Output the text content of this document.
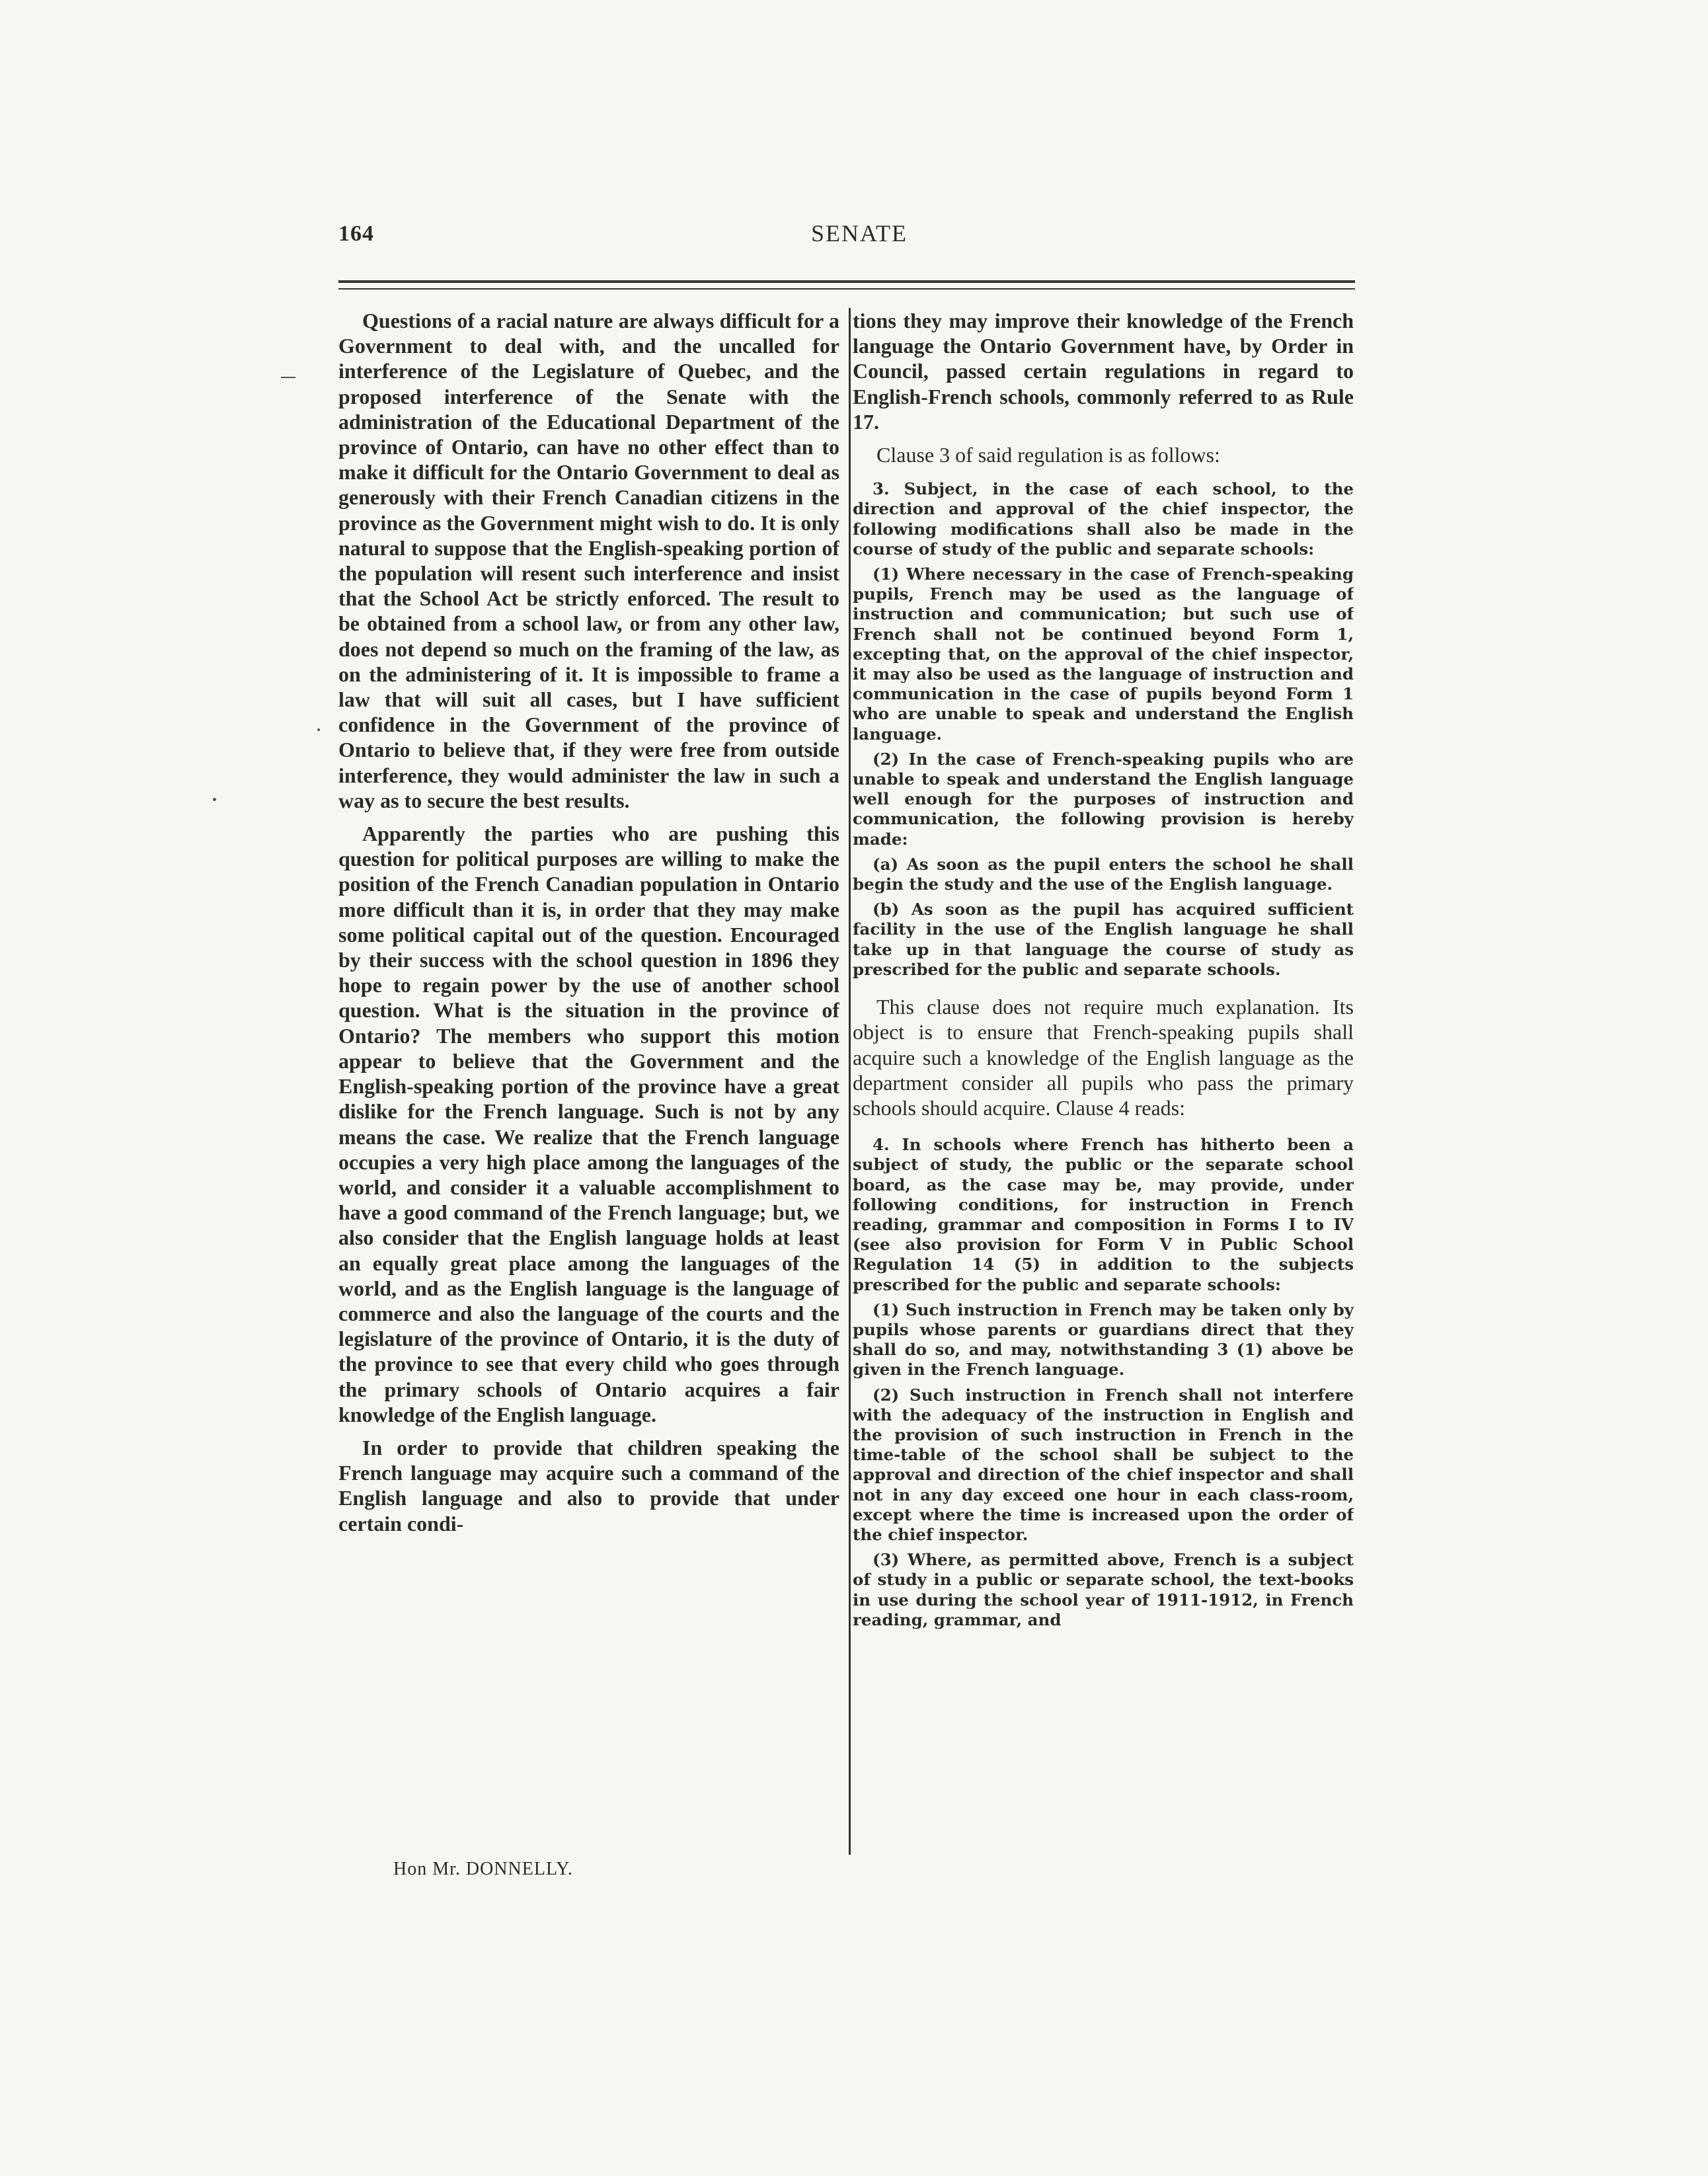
164	SENATE

Questions of a racial nature are always difficult for a Government to deal with, and the uncalled for interference of the Legislature of Quebec, and the proposed interference of the Senate with the administration of the Educational Department of the province of Ontario, can have no other effect than to make it difficult for the Ontario Government to deal as generously with their French Canadian citizens in the province as the Government might wish to do. It is only natural to suppose that the English-speaking portion of the population will resent such interference and insist that the School Act be strictly enforced. The result to be obtained from a school law, or from any other law, does not depend so much on the framing of the law, as on the administering of it. It is impossible to frame a law that will suit all cases, but I have sufficient confidence in the Government of the province of Ontario to believe that, if they were free from outside interference, they would administer the law in such a way as to secure the best results.

Apparently the parties who are pushing this question for political purposes are willing to make the position of the French Canadian population in Ontario more difficult than it is, in order that they may make some political capital out of the question. Encouraged by their success with the school question in 1896 they hope to regain power by the use of another school question. What is the situation in the province of Ontario? The members who support this motion appear to believe that the Government and the English-speaking portion of the province have a great dislike for the French language. Such is not by any means the case. We realize that the French language occupies a very high place among the languages of the world, and consider it a valuable accomplishment to have a good command of the French language; but, we also consider that the English language holds at least an equally great place among the languages of the world, and as the English language is the language of commerce and also the language of the courts and the legislature of the province of Ontario, it is the duty of the province to see that every child who goes through the primary schools of Ontario acquires a fair knowledge of the English language.

In order to provide that children speaking the French language may acquire such a command of the English language and also to provide that under certain condi-

tions they may improve their knowledge of the French language the Ontario Government have, by Order in Council, passed certain regulations in regard to English-French schools, commonly referred to as Rule 17.

Clause 3 of said regulation is as follows:

3. Subject, in the case of each school, to the direction and approval of the chief inspector, the following modifications shall also be made in the course of study of the public and separate schools:

(1) Where necessary in the case of French-speaking pupils, French may be used as the language of instruction and communication; but such use of French shall not be continued beyond Form 1, excepting that, on the approval of the chief inspector, it may also be used as the language of instruction and communication in the case of pupils beyond Form 1 who are unable to speak and understand the English language.

(2) In the case of French-speaking pupils who are unable to speak and understand the English language well enough for the purposes of instruction and communication, the following provision is hereby made:

(a) As soon as the pupil enters the school he shall begin the study and the use of the English language.

(b) As soon as the pupil has acquired sufficient facility in the use of the English language he shall take up in that language the course of study as prescribed for the public and separate schools.

This clause does not require much explanation. Its object is to ensure that French-speaking pupils shall acquire such a knowledge of the English language as the department consider all pupils who pass the primary schools should acquire. Clause 4 reads:

4. In schools where French has hitherto been a subject of study, the public or the separate school board, as the case may be, may provide, under following conditions, for instruction in French reading, grammar and composition in Forms I to IV (see also provision for Form V in Public School Regulation 14 (5) in addition to the subjects prescribed for the public and separate schools:

(1) Such instruction in French may be taken only by pupils whose parents or guardians direct that they shall do so, and may, notwithstanding 3 (1) above be given in the French language.

(2) Such instruction in French shall not interfere with the adequacy of the instruction in English and the provision of such instruction in French in the time-table of the school shall be subject to the approval and direction of the chief inspector and shall not in any day exceed one hour in each class-room, except where the time is increased upon the order of the chief inspector.

(3) Where, as permitted above, French is a subject of study in a public or separate school, the text-books in use during the school year of 1911-1912, in French reading, grammar, and

Hon Mr. DONNELLY.
